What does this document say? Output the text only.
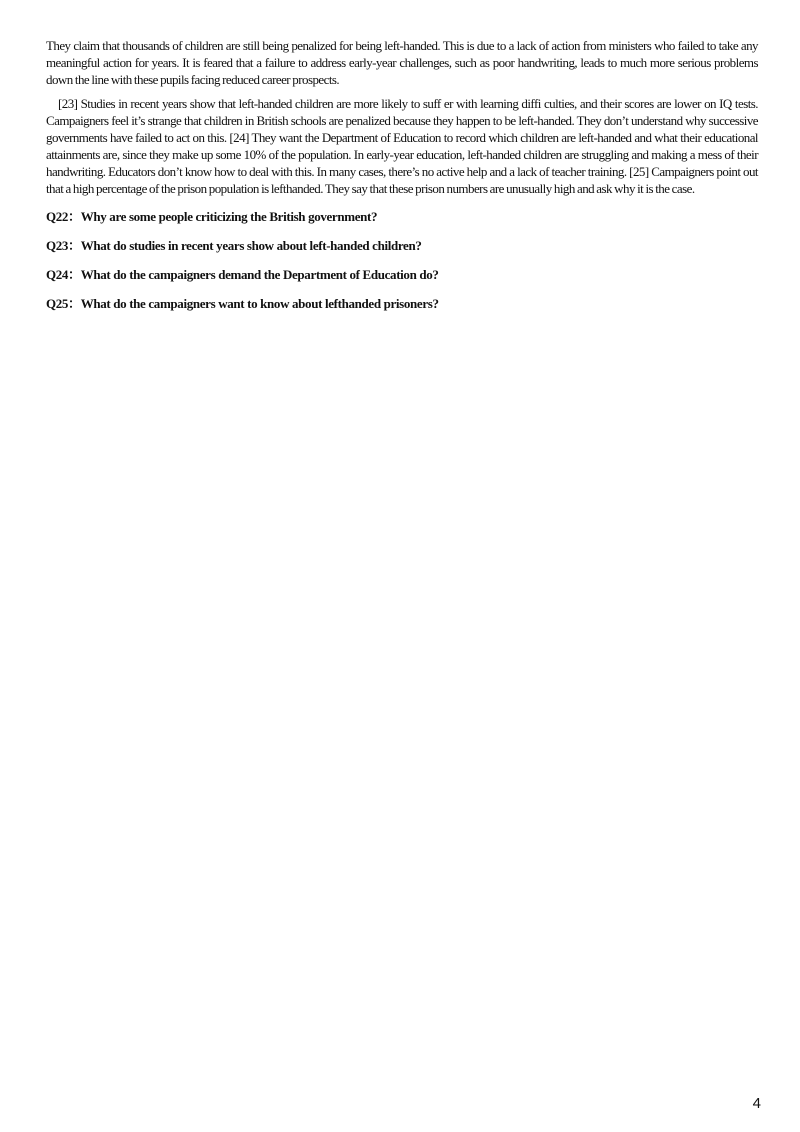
They claim that thousands of children are still being penalized for being left-handed. This is due to a lack of action from ministers who failed to take any meaningful action for years. It is feared that a failure to address early-year challenges, such as poor handwriting, leads to much more serious problems down the line with these pupils facing reduced career prospects.

[23] Studies in recent years show that left-handed children are more likely to suff er with learning diffi culties, and their scores are lower on IQ tests. Campaigners feel it’s strange that children in British schools are penalized because they happen to be left-handed. They don’t understand why successive governments have failed to act on this. [24] They want the Department of Education to record which children are left-handed and what their educational attainments are, since they make up some 10% of the population. In early-year education, left-handed children are struggling and making a mess of their handwriting. Educators don’t know how to deal with this. In many cases, there’s no active help and a lack of teacher training. [25] Campaigners point out that a high percentage of the prison population is lefthanded. They say that these prison numbers are unusually high and ask why it is the case.

Q22：Why are some people criticizing the British government?

Q23：What do studies in recent years show about left-handed children?

Q24：What do the campaigners demand the Department of Education do?

Q25：What do the campaigners want to know about lefthanded prisoners?

4
